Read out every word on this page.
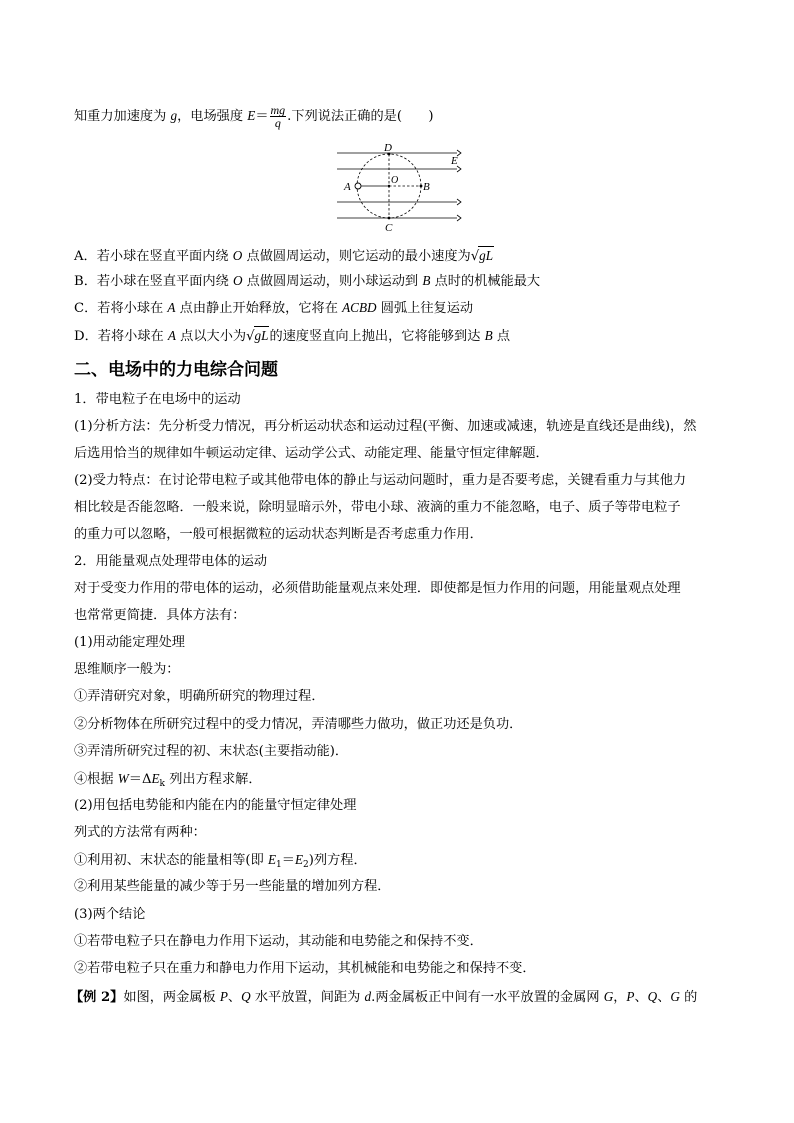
知重力加速度为 g，电场强度 $E= \frac{mg}{q}$ .下列说法正确的是(　　)
D
E
A
O
B
C
A．若小球在竖直平面内绕 O 点做圆周运动，则它运动的最小速度为√gL
B．若小球在竖直平面内绕 O 点做圆周运动，则小球运动到 B 点时的机械能最大
C．若将小球在 A 点由静止开始释放，它将在 ACBD 圆弧上往复运动
D．若将小球在 A 点以大小为√gL的速度竖直向上抛出，它将能够到达 B 点
二、电场中的力电综合问题
1．带电粒子在电场中的运动
(1)分析方法：先分析受力情况，再分析运动状态和运动过程(平衡、加速或减速，轨迹是直线还是曲线)，然
后选用恰当的规律如牛顿运动定律、运动学公式、动能定理、能量守恒定律解题．
(2)受力特点：在讨论带电粒子或其他带电体的静止与运动问题时，重力是否要考虑，关键看重力与其他力
相比较是否能忽略．一般来说，除明显暗示外，带电小球、液滴的重力不能忽略，电子、质子等带电粒子
的重力可以忽略，一般可根据微粒的运动状态判断是否考虑重力作用．
2．用能量观点处理带电体的运动
对于受变力作用的带电体的运动，必须借助能量观点来处理．即使都是恒力作用的问题，用能量观点处理
也常常更简捷．具体方法有：
(1)用动能定理处理
思维顺序一般为：
①弄清研究对象，明确所研究的物理过程．
②分析物体在所研究过程中的受力情况，弄清哪些力做功，做正功还是负功．
③弄清所研究过程的初、末状态(主要指动能)．
④根据 $W=\Delta E_k$ 列出方程求解．
(2)用包括电势能和内能在内的能量守恒定律处理
列式的方法常有两种：
①利用初、末状态的能量相等(即 $E_1=E_2$)列方程．
②利用某些能量的减少等于另一些能量的增加列方程．
(3)两个结论
①若带电粒子只在静电力作用下运动，其动能和电势能之和保持不变．
②若带电粒子只在重力和静电力作用下运动，其机械能和电势能之和保持不变．
【例 2】如图，两金属板 P、Q 水平放置，间距为 d.两金属板正中间有一水平放置的金属网 G，P、Q、G 的
